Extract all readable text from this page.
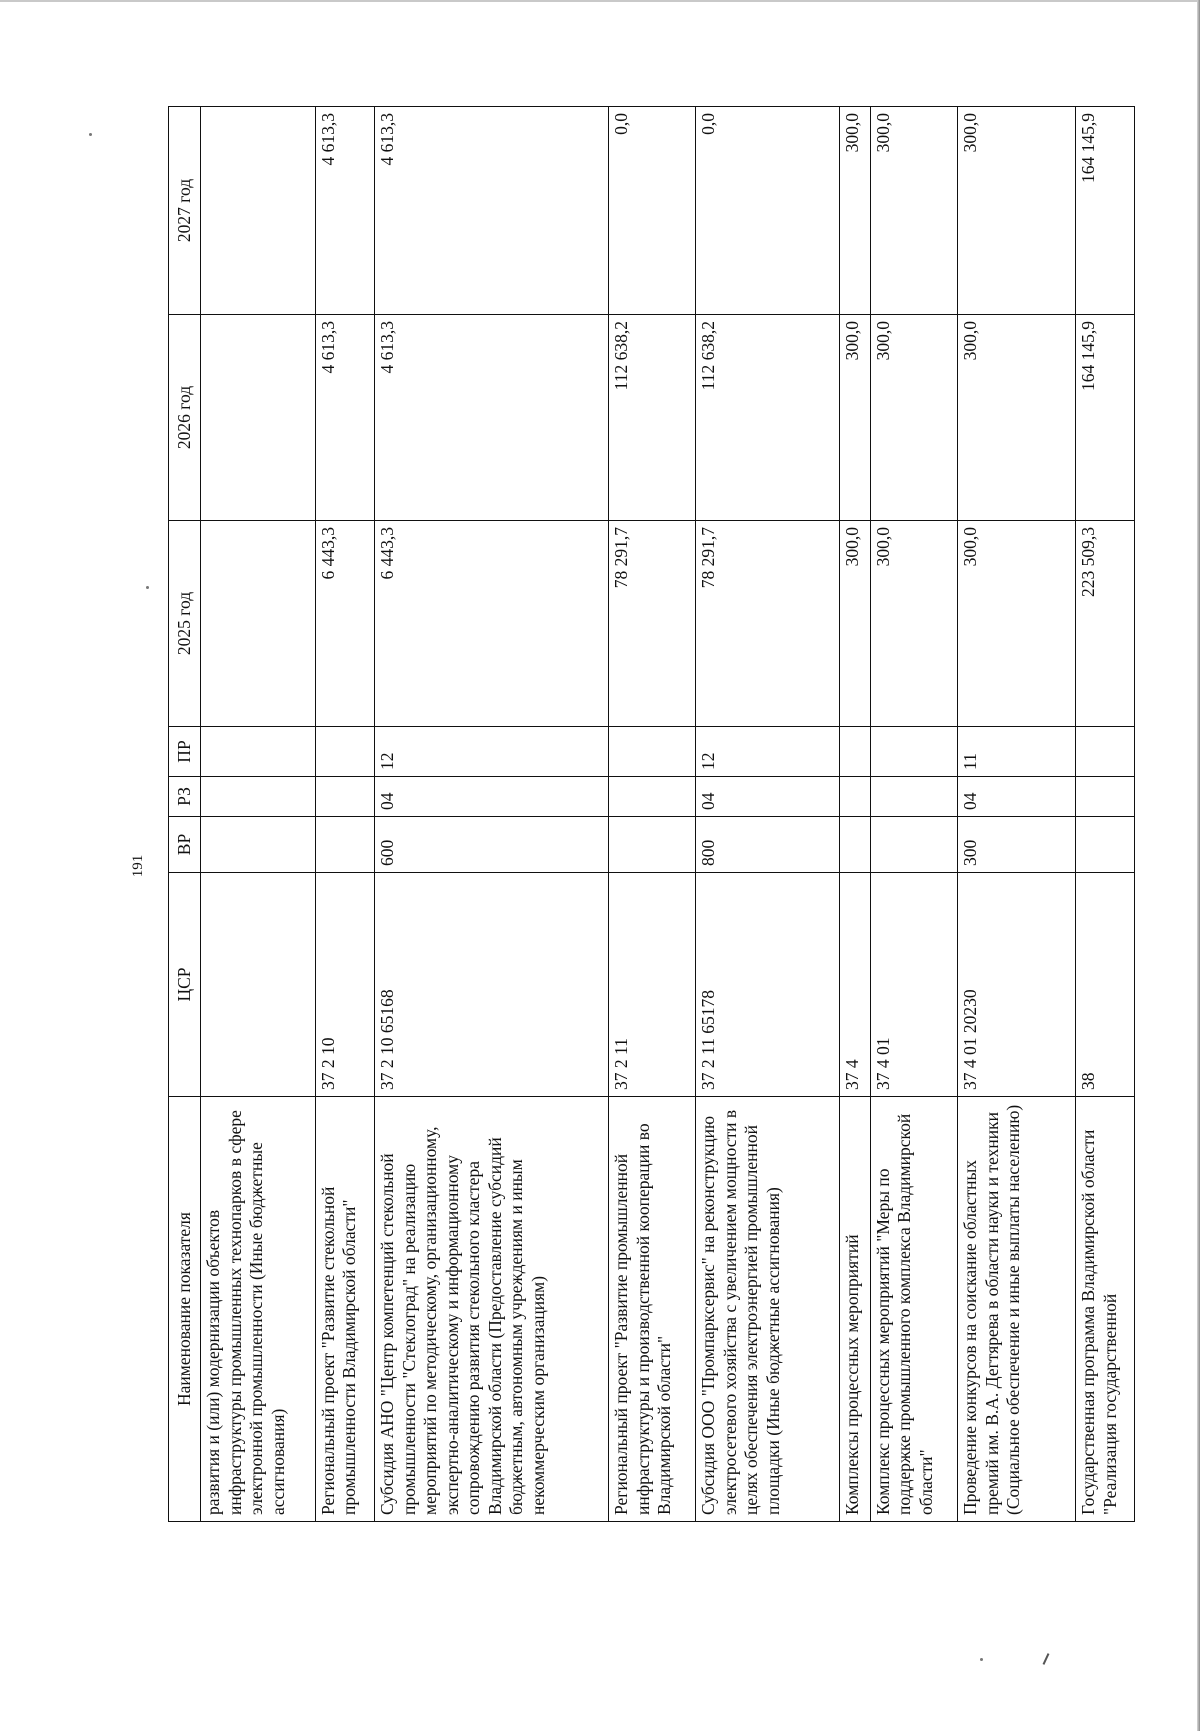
191
Наименование показателя	ЦСР	ВР	РЗ	ПР	2025 год	2026 год	2027 год
развития и (или) модернизации объектов инфраструктуры промышленных технопарков в сфере электронной промышленности (Иные бюджетные ассигнования)							
Региональный проект "Развитие стекольной промышленности Владимирской области"	37 2 10				6 443,3	4 613,3	4 613,3
Субсидия АНО "Центр компетенций стекольной промышленности "Стеклоград" на реализацию мероприятий по методическому, организационному, экспертно-аналитическому и информационному сопровождению развития стекольного кластера Владимирской области (Предоставление субсидий бюджетным, автономным учреждениям и иным некоммерческим организациям)	37 2 10 65168	600	04	12	6 443,3	4 613,3	4 613,3
Региональный проект "Развитие промышленной инфраструктуры и производственной кооперации во Владимирской области"	37 2 11				78 291,7	112 638,2	0,0
Субсидия ООО "Промпарксервис" на реконструкцию электросетевого хозяйства с увеличением мощности в целях обеспечения электроэнергией промышленной площадки (Иные бюджетные ассигнования)	37 2 11 65178	800	04	12	78 291,7	112 638,2	0,0
Комплексы процессных мероприятий	37 4				300,0	300,0	300,0
Комплекс процессных мероприятий "Меры по поддержке промышленного комплекса Владимирской области"	37 4 01				300,0	300,0	300,0
Проведение конкурсов на соискание областных премий им. В.А. Дегтярева в области науки и техники (Социальное обеспечение и иные выплаты населению)	37 4 01 20230	300	04	11	300,0	300,0	300,0
Государственная программа Владимирской области "Реализация государственной	38				223 509,3	164 145,9	164 145,9
